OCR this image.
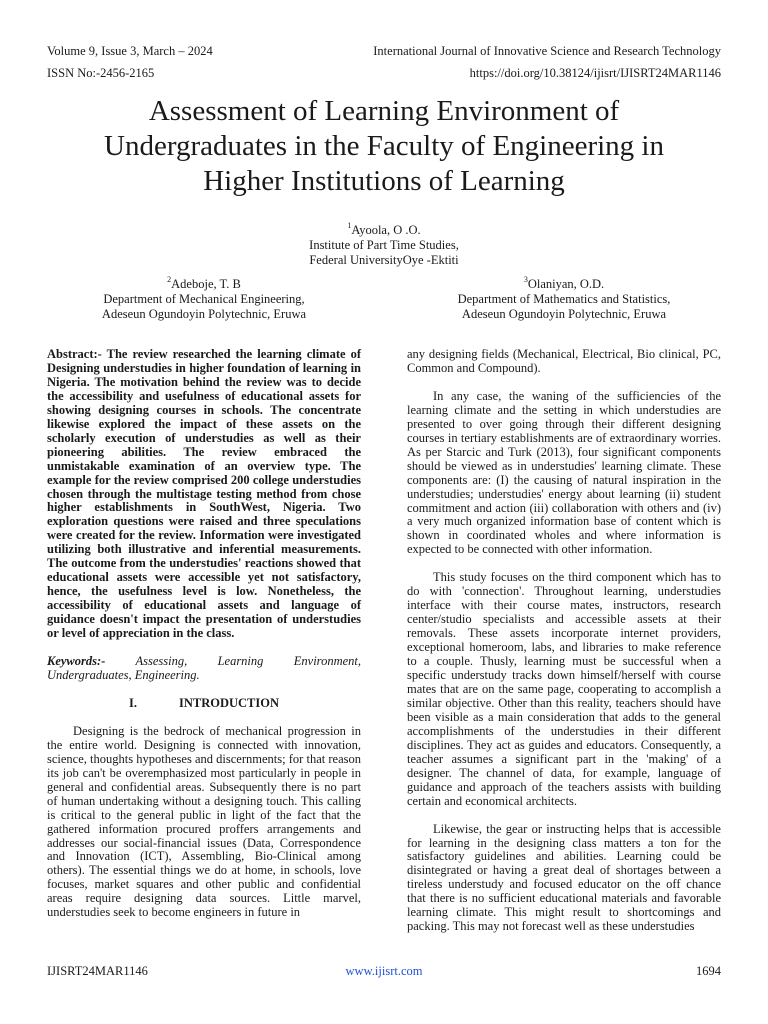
Volume 9, Issue 3, March – 2024	International Journal of Innovative Science and Research Technology
ISSN No:-2456-2165	https://doi.org/10.38124/ijisrt/IJISRT24MAR1146
Assessment of Learning Environment of
Undergraduates in the Faculty of Engineering in
Higher Institutions of Learning
$^1$Ayoola, O .O.
Institute of Part Time Studies,
Federal UniversityOye -Ektiti
$^2$Adeboje, T. B
Department of Mechanical Engineering,
Adeseun Ogundoyin Polytechnic, Eruwa
$^3$Olaniyan, O.D.
Department of Mathematics and Statistics,
Adeseun Ogundoyin Polytechnic, Eruwa

Abstract:- The review researched the learning climate of Designing understudies in higher foundation of learning in Nigeria. The motivation behind the review was to decide the accessibility and usefulness of educational assets for showing designing courses in schools. The concentrate likewise explored the impact of these assets on the scholarly execution of understudies as well as their pioneering abilities. The review embraced the unmistakable examination of an overview type. The example for the review comprised 200 college understudies chosen through the multistage testing method from chose higher establishments in SouthWest, Nigeria. Two exploration questions were raised and three speculations were created for the review. Information were investigated utilizing both illustrative and inferential measurements. The outcome from the understudies' reactions showed that educational assets were accessible yet not satisfactory, hence, the usefulness level is low. Nonetheless, the accessibility of educational assets and language of guidance doesn't impact the presentation of understudies or level of appreciation in the class.

Keywords:- Assessing, Learning Environment, Undergraduates, Engineering.

I.	INTRODUCTION

Designing is the bedrock of mechanical progression in the entire world. Designing is connected with innovation, science, thoughts hypotheses and discernments; for that reason its job can't be overemphasized most particularly in people in general and confidential areas. Subsequently there is no part of human undertaking without a designing touch. This calling is critical to the general public in light of the fact that the gathered information procured proffers arrangements and addresses our social-financial issues (Data, Correspondence and Innovation (ICT), Assembling, Bio-Clinical among others). The essential things we do at home, in schools, love focuses, market squares and other public and confidential areas require designing data sources. Little marvel, understudies seek to become engineers in future in

any designing fields (Mechanical, Electrical, Bio clinical, PC, Common and Compound).

In any case, the waning of the sufficiencies of the learning climate and the setting in which understudies are presented to over going through their different designing courses in tertiary establishments are of extraordinary worries. As per Starcic and Turk (2013), four significant components should be viewed as in understudies' learning climate. These components are: (I) the causing of natural inspiration in the understudies; understudies' energy about learning (ii) student commitment and action (iii) collaboration with others and (iv) a very much organized information base of content which is shown in coordinated wholes and where information is expected to be connected with other information.

This study focuses on the third component which has to do with 'connection'. Throughout learning, understudies interface with their course mates, instructors, research center/studio specialists and accessible assets at their removals. These assets incorporate internet providers, exceptional homeroom, labs, and libraries to make reference to a couple. Thusly, learning must be successful when a specific understudy tracks down himself/herself with course mates that are on the same page, cooperating to accomplish a similar objective. Other than this reality, teachers should have been visible as a main consideration that adds to the general accomplishments of the understudies in their different disciplines. They act as guides and educators. Consequently, a teacher assumes a significant part in the 'making' of a designer. The channel of data, for example, language of guidance and approach of the teachers assists with building certain and economical architects.

Likewise, the gear or instructing helps that is accessible for learning in the designing class matters a ton for the satisfactory guidelines and abilities. Learning could be disintegrated or having a great deal of shortages between a tireless understudy and focused educator on the off chance that there is no sufficient educational materials and favorable learning climate. This might result to shortcomings and packing. This may not forecast well as these understudies

IJISRT24MAR1146	www.ijisrt.com	1694
